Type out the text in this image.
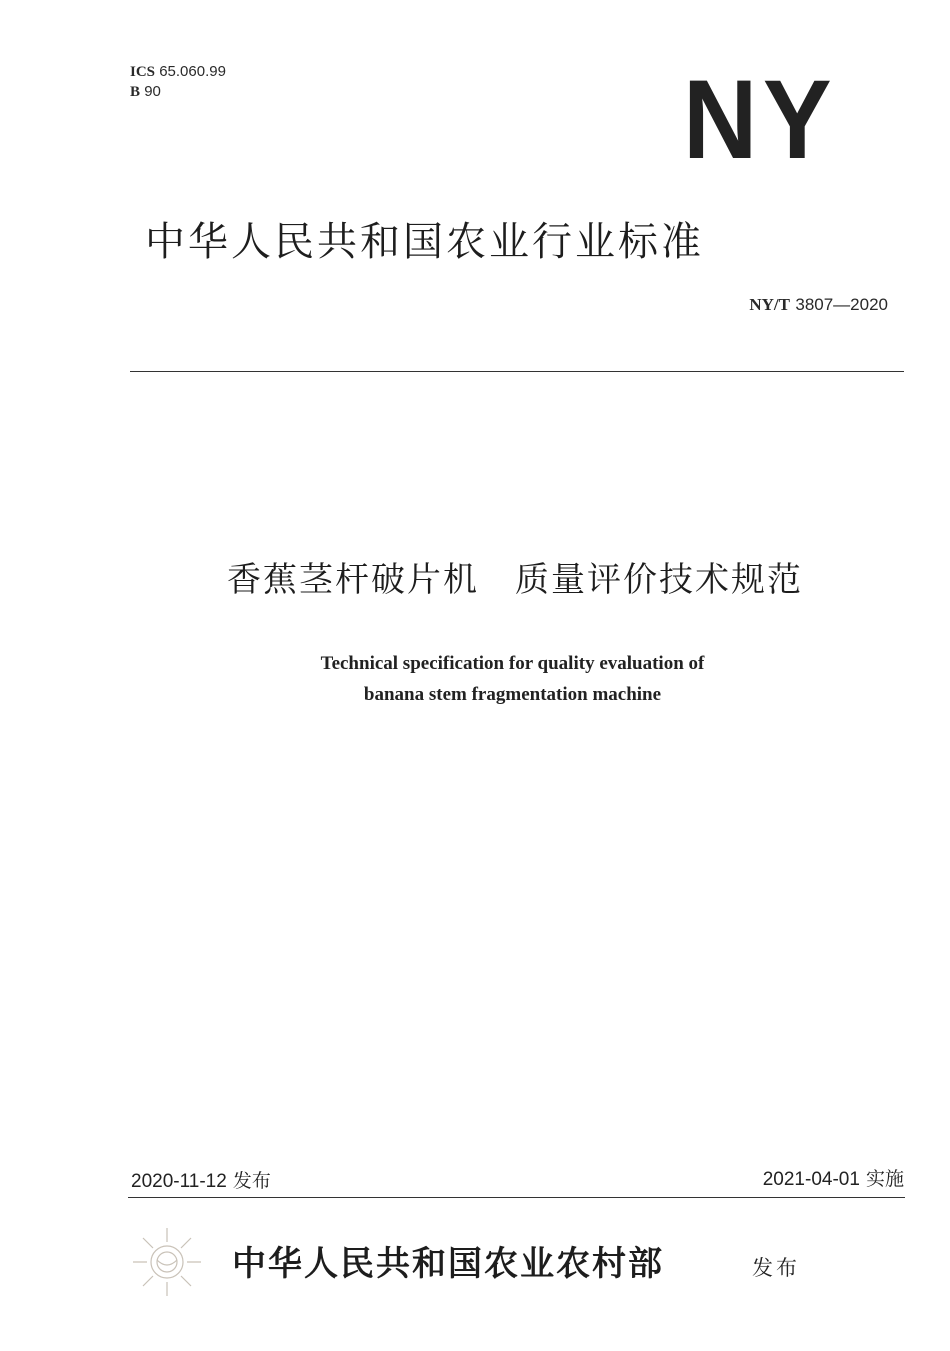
ICS 65.060.99
B 90	NY
中华人民共和国农业行业标准
NY/T 3807—2020
香蕉茎杆破片机　质量评价技术规范
Technical specification for quality evaluation of
banana stem fragmentation machine
2020-11-12 发布	2021-04-01 实施
中华人民共和国农业农村部	发布
